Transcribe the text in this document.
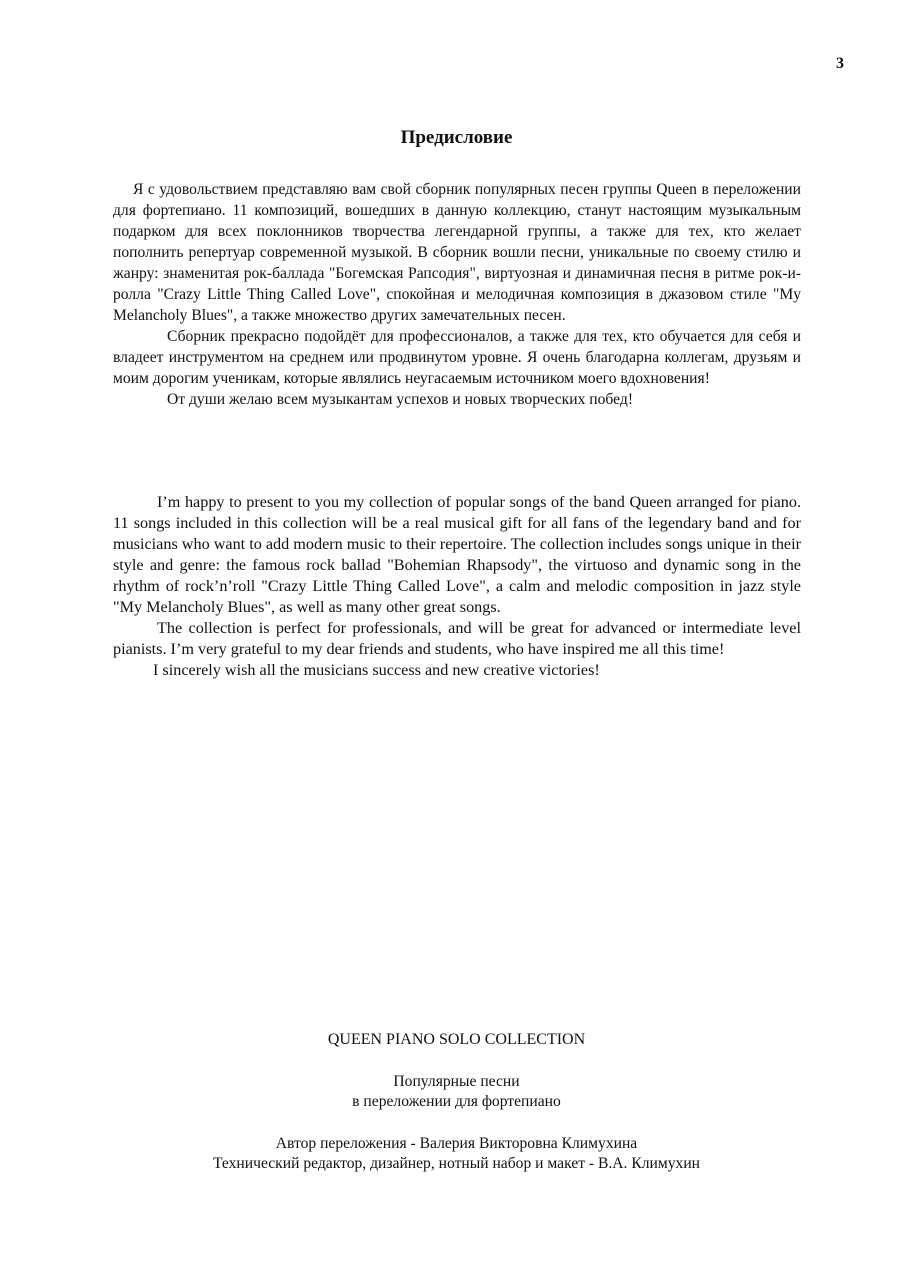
3
Предисловие

Я с удовольствием представляю вам свой сборник популярных песен группы Queen в переложении для фортепиано. 11 композиций, вошедших в данную коллекцию, станут настоящим музыкальным подарком для всех поклонников творчества легендарной группы, а также для тех, кто желает пополнить репертуар современной музыкой. В сборник вошли песни, уникальные по своему стилю и жанру: знаменитая рок-баллада "Богемская Рапсодия", виртуозная и динамичная песня в ритме рок-и-ролла "Crazy Little Thing Called Love", спокойная и мелодичная композиция в джазовом стиле "My Melancholy Blues", а также множество других замечательных песен.

Сборник прекрасно подойдёт для профессионалов, а также для тех, кто обучается для себя и владеет инструментом на среднем или продвинутом уровне. Я очень благодарна коллегам, друзьям и моим дорогим ученикам, которые являлись неугасаемым источником моего вдохновения!

От души желаю всем музыкантам успехов и новых творческих побед!

I’m happy to present to you my collection of popular songs of the band Queen arranged for piano. 11 songs included in this collection will be a real musical gift for all fans of the legendary band and for musicians who want to add modern music to their repertoire. The collection includes songs unique in their style and genre: the famous rock ballad "Bohemian Rhapsody", the virtuoso and dynamic song in the rhythm of rock’n’roll "Crazy Little Thing Called Love", a calm and melodic composition in jazz style "My Melancholy Blues", as well as many other great songs.

The collection is perfect for professionals, and will be great for advanced or intermediate level pianists. I’m very grateful to my dear friends and students, who have inspired me all this time!

I sincerely wish all the musicians success and new creative victories!

QUEEN PIANO SOLO COLLECTION
Популярные песни
в переложении для фортепиано
Автор переложения - Валерия Викторовна Климухина
Технический редактор, дизайнер, нотный набор и макет - В.А. Климухин
